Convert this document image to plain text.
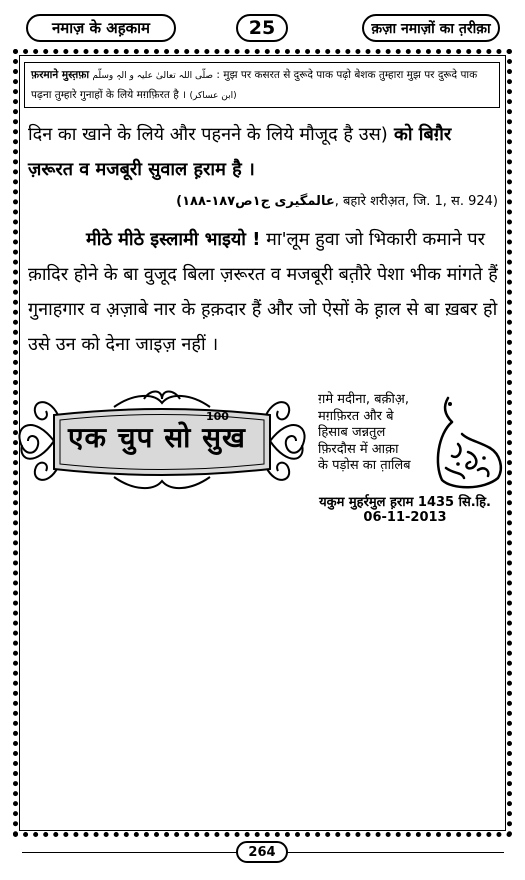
नमाज़ के अह़काम	25	क़ज़ा नमाज़ों का त़रीक़ा
फ़रमाने मुस्त़फ़ा صلّی اللہ تعالیٰ علیہ و الہٖ وسلّم : मुझ पर कसरत से दुरूदे पाक पढ़ो बेशक तुम्हारा मुझ पर दुरूदे पाक पढ़ना तुम्हारे गुनाहों के लिये मग़फ़िरत है । (ابن عساکر)
दिन का खाने के लिये और पहनने के लिये मौजूद है उस) को बिग़ैर ज़रूरत व मजबूरी सुवाल ह़राम है ।
(عالمگیری ج۱ص۱۸۷-۱۸۸, बहारे शरीअ़त, जि. 1, स. 924)
मीठे मीठे इस्लामी भाइयो ! मा'लूम हुवा जो भिकारी कमाने पर क़ादिर होने के बा वुजूद बिला ज़रूरत व मजबूरी बत़ौरे पेशा भीक मांगते हैं गुनाहगार व अ़ज़ाबे नार के ह़क़दार हैं और जो ऐसों के ह़ाल से बा ख़बर हो उसे उन को देना जाइज़ नहीं ।
एक चुप सो सुख
100
ग़मे मदीना, बक़ीअ़,
मग़फ़िरत और बे
हिसाब जन्नतुल
फ़िरदौस में आक़ा
के पड़ोस का त़ालिब
यकुम मुहर्रमुल ह़राम 1435 सि.हि.
06-11-2013
264
